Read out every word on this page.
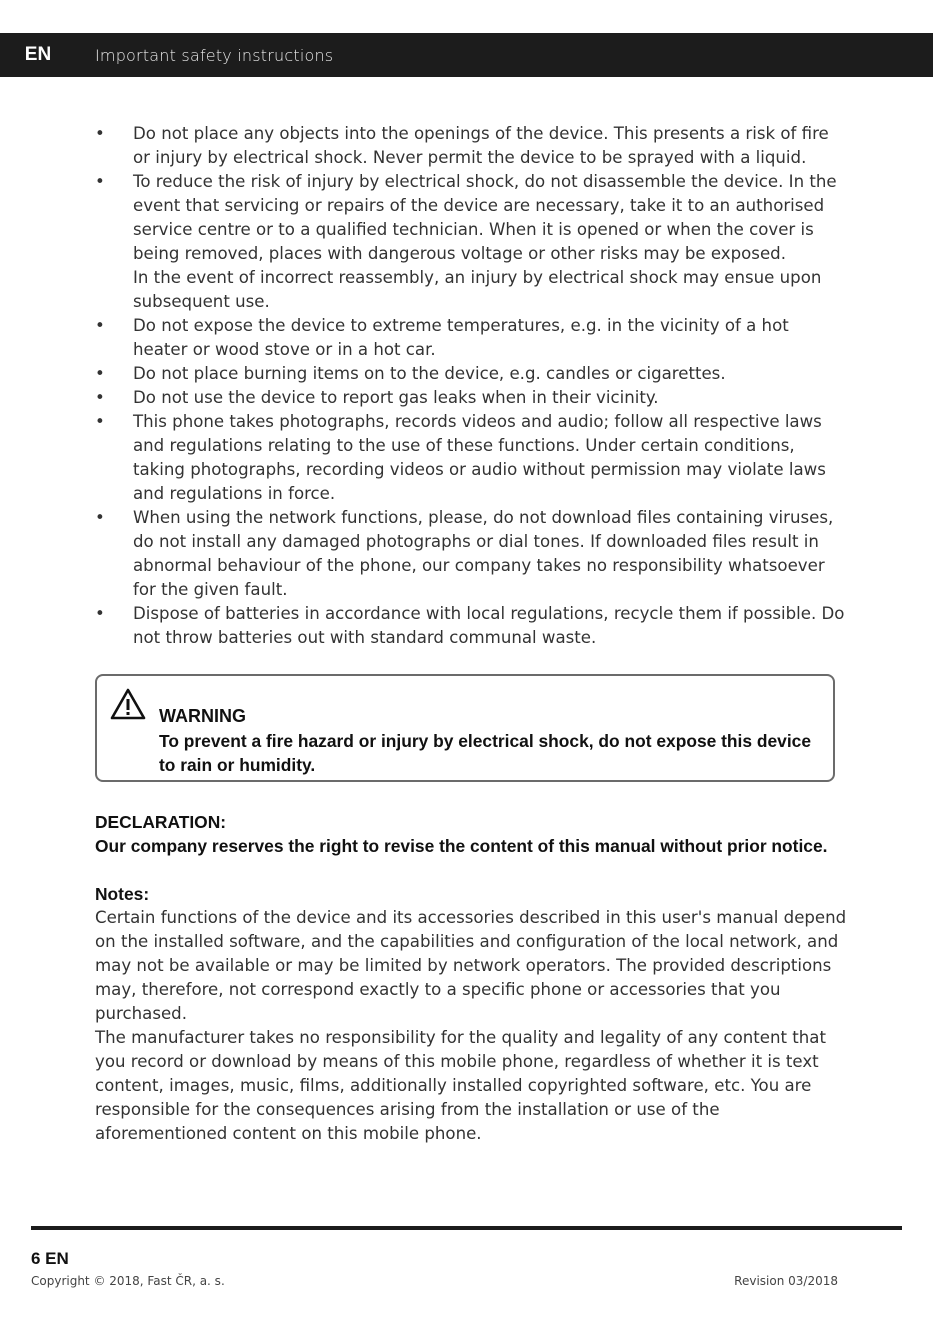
EN	Important safety instructions
• Do not place any objects into the openings of the device. This presents a risk of fire or injury by electrical shock. Never permit the device to be sprayed with a liquid.
• To reduce the risk of injury by electrical shock, do not disassemble the device. In the event that servicing or repairs of the device are necessary, take it to an authorised service centre or to a qualified technician. When it is opened or when the cover is being removed, places with dangerous voltage or other risks may be exposed.
In the event of incorrect reassembly, an injury by electrical shock may ensue upon subsequent use.
• Do not expose the device to extreme temperatures, e.g. in the vicinity of a hot heater or wood stove or in a hot car.
• Do not place burning items on to the device, e.g. candles or cigarettes.
• Do not use the device to report gas leaks when in their vicinity.
• This phone takes photographs, records videos and audio; follow all respective laws and regulations relating to the use of these functions. Under certain conditions, taking photographs, recording videos or audio without permission may violate laws and regulations in force.
• When using the network functions, please, do not download files containing viruses, do not install any damaged photographs or dial tones. If downloaded files result in abnormal behaviour of the phone, our company takes no responsibility whatsoever for the given fault.
• Dispose of batteries in accordance with local regulations, recycle them if possible. Do not throw batteries out with standard communal waste.
WARNING
To prevent a fire hazard or injury by electrical shock, do not expose this device to rain or humidity.
DECLARATION:
Our company reserves the right to revise the content of this manual without prior notice.
Notes:

Certain functions of the device and its accessories described in this user's manual depend on the installed software, and the capabilities and configuration of the local network, and may not be available or may be limited by network operators. The provided descriptions may, therefore, not correspond exactly to a specific phone or accessories that you purchased.

The manufacturer takes no responsibility for the quality and legality of any content that you record or download by means of this mobile phone, regardless of whether it is text content, images, music, films, additionally installed copyrighted software, etc. You are responsible for the consequences arising from the installation or use of the aforementioned content on this mobile phone.

6 EN
Copyright © 2018, Fast ČR, a. s.	Revision 03/2018
